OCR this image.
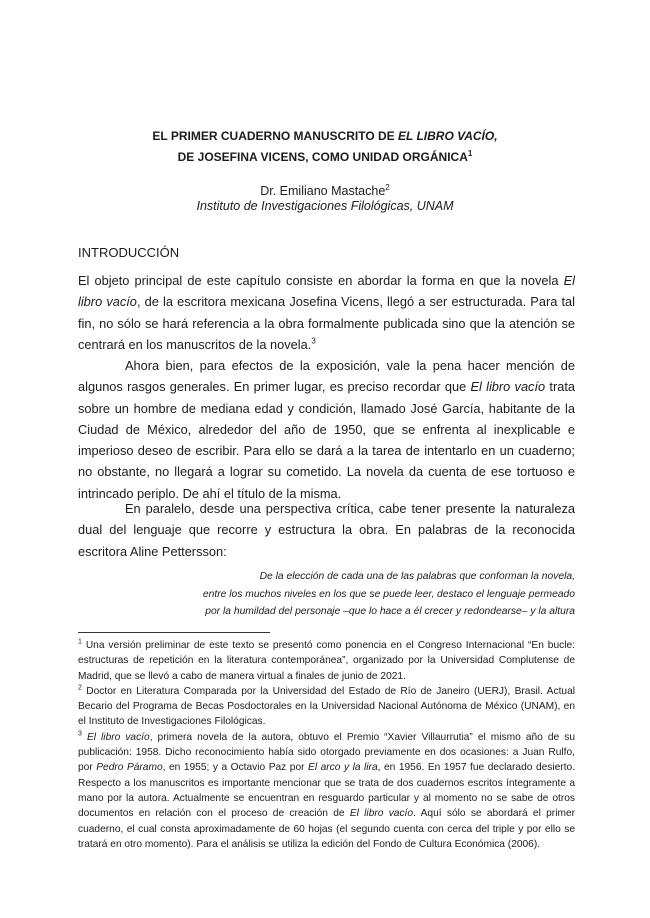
EL PRIMER CUADERNO MANUSCRITO DE EL LIBRO VACÍO,
DE JOSEFINA VICENS, COMO UNIDAD ORGÁNICA$^1$
Dr. Emiliano Mastache$^2$
Instituto de Investigaciones Filológicas, UNAM
INTRODUCCIÓN

El objeto principal de este capítulo consiste en abordar la forma en que la novela El libro vacío, de la escritora mexicana Josefina Vicens, llegó a ser estructurada. Para tal fin, no sólo se hará referencia a la obra formalmente publicada sino que la atención se centrará en los manuscritos de la novela.$^3$

Ahora bien, para efectos de la exposición, vale la pena hacer mención de algunos rasgos generales. En primer lugar, es preciso recordar que El libro vacío trata sobre un hombre de mediana edad y condición, llamado José García, habitante de la Ciudad de México, alrededor del año de 1950, que se enfrenta al inexplicable e imperioso deseo de escribir. Para ello se dará a la tarea de intentarlo en un cuaderno; no obstante, no llegará a lograr su cometido. La novela da cuenta de ese tortuoso e intrincado periplo. De ahí el título de la misma.

En paralelo, desde una perspectiva crítica, cabe tener presente la naturaleza dual del lenguaje que recorre y estructura la obra. En palabras de la reconocida escritora Aline Pettersson:

De la elección de cada una de las palabras que conforman la novela,
entre los muchos niveles en los que se puede leer, destaco el lenguaje permeado
por la humildad del personaje –que lo hace a él crecer y redondearse– y la altura

$^1$ Una versión preliminar de este texto se presentó como ponencia en el Congreso Internacional “En bucle: estructuras de repetición en la literatura contemporánea”, organizado por la Universidad Complutense de Madrid, que se llevó a cabo de manera virtual a finales de junio de 2021.

$^2$ Doctor en Literatura Comparada por la Universidad del Estado de Río de Janeiro (UERJ), Brasil. Actual Becario del Programa de Becas Posdoctorales en la Universidad Nacional Autónoma de México (UNAM), en el Instituto de Investigaciones Filológicas.

$^3$ El libro vacío, primera novela de la autora, obtuvo el Premio “Xavier Villaurrutia” el mismo año de su publicación: 1958. Dicho reconocimiento había sido otorgado previamente en dos ocasiones: a Juan Rulfo, por Pedro Páramo, en 1955; y a Octavio Paz por El arco y la lira, en 1956. En 1957 fue declarado desierto. Respecto a los manuscritos es importante mencionar que se trata de dos cuadernos escritos íntegramente a mano por la autora. Actualmente se encuentran en resguardo particular y al momento no se sabe de otros documentos en relación con el proceso de creación de El libro vacío. Aquí sólo se abordará el primer cuaderno, el cual consta aproximadamente de 60 hojas (el segundo cuenta con cerca del triple y por ello se tratará en otro momento). Para el análisis se utiliza la edición del Fondo de Cultura Económica (2006).
